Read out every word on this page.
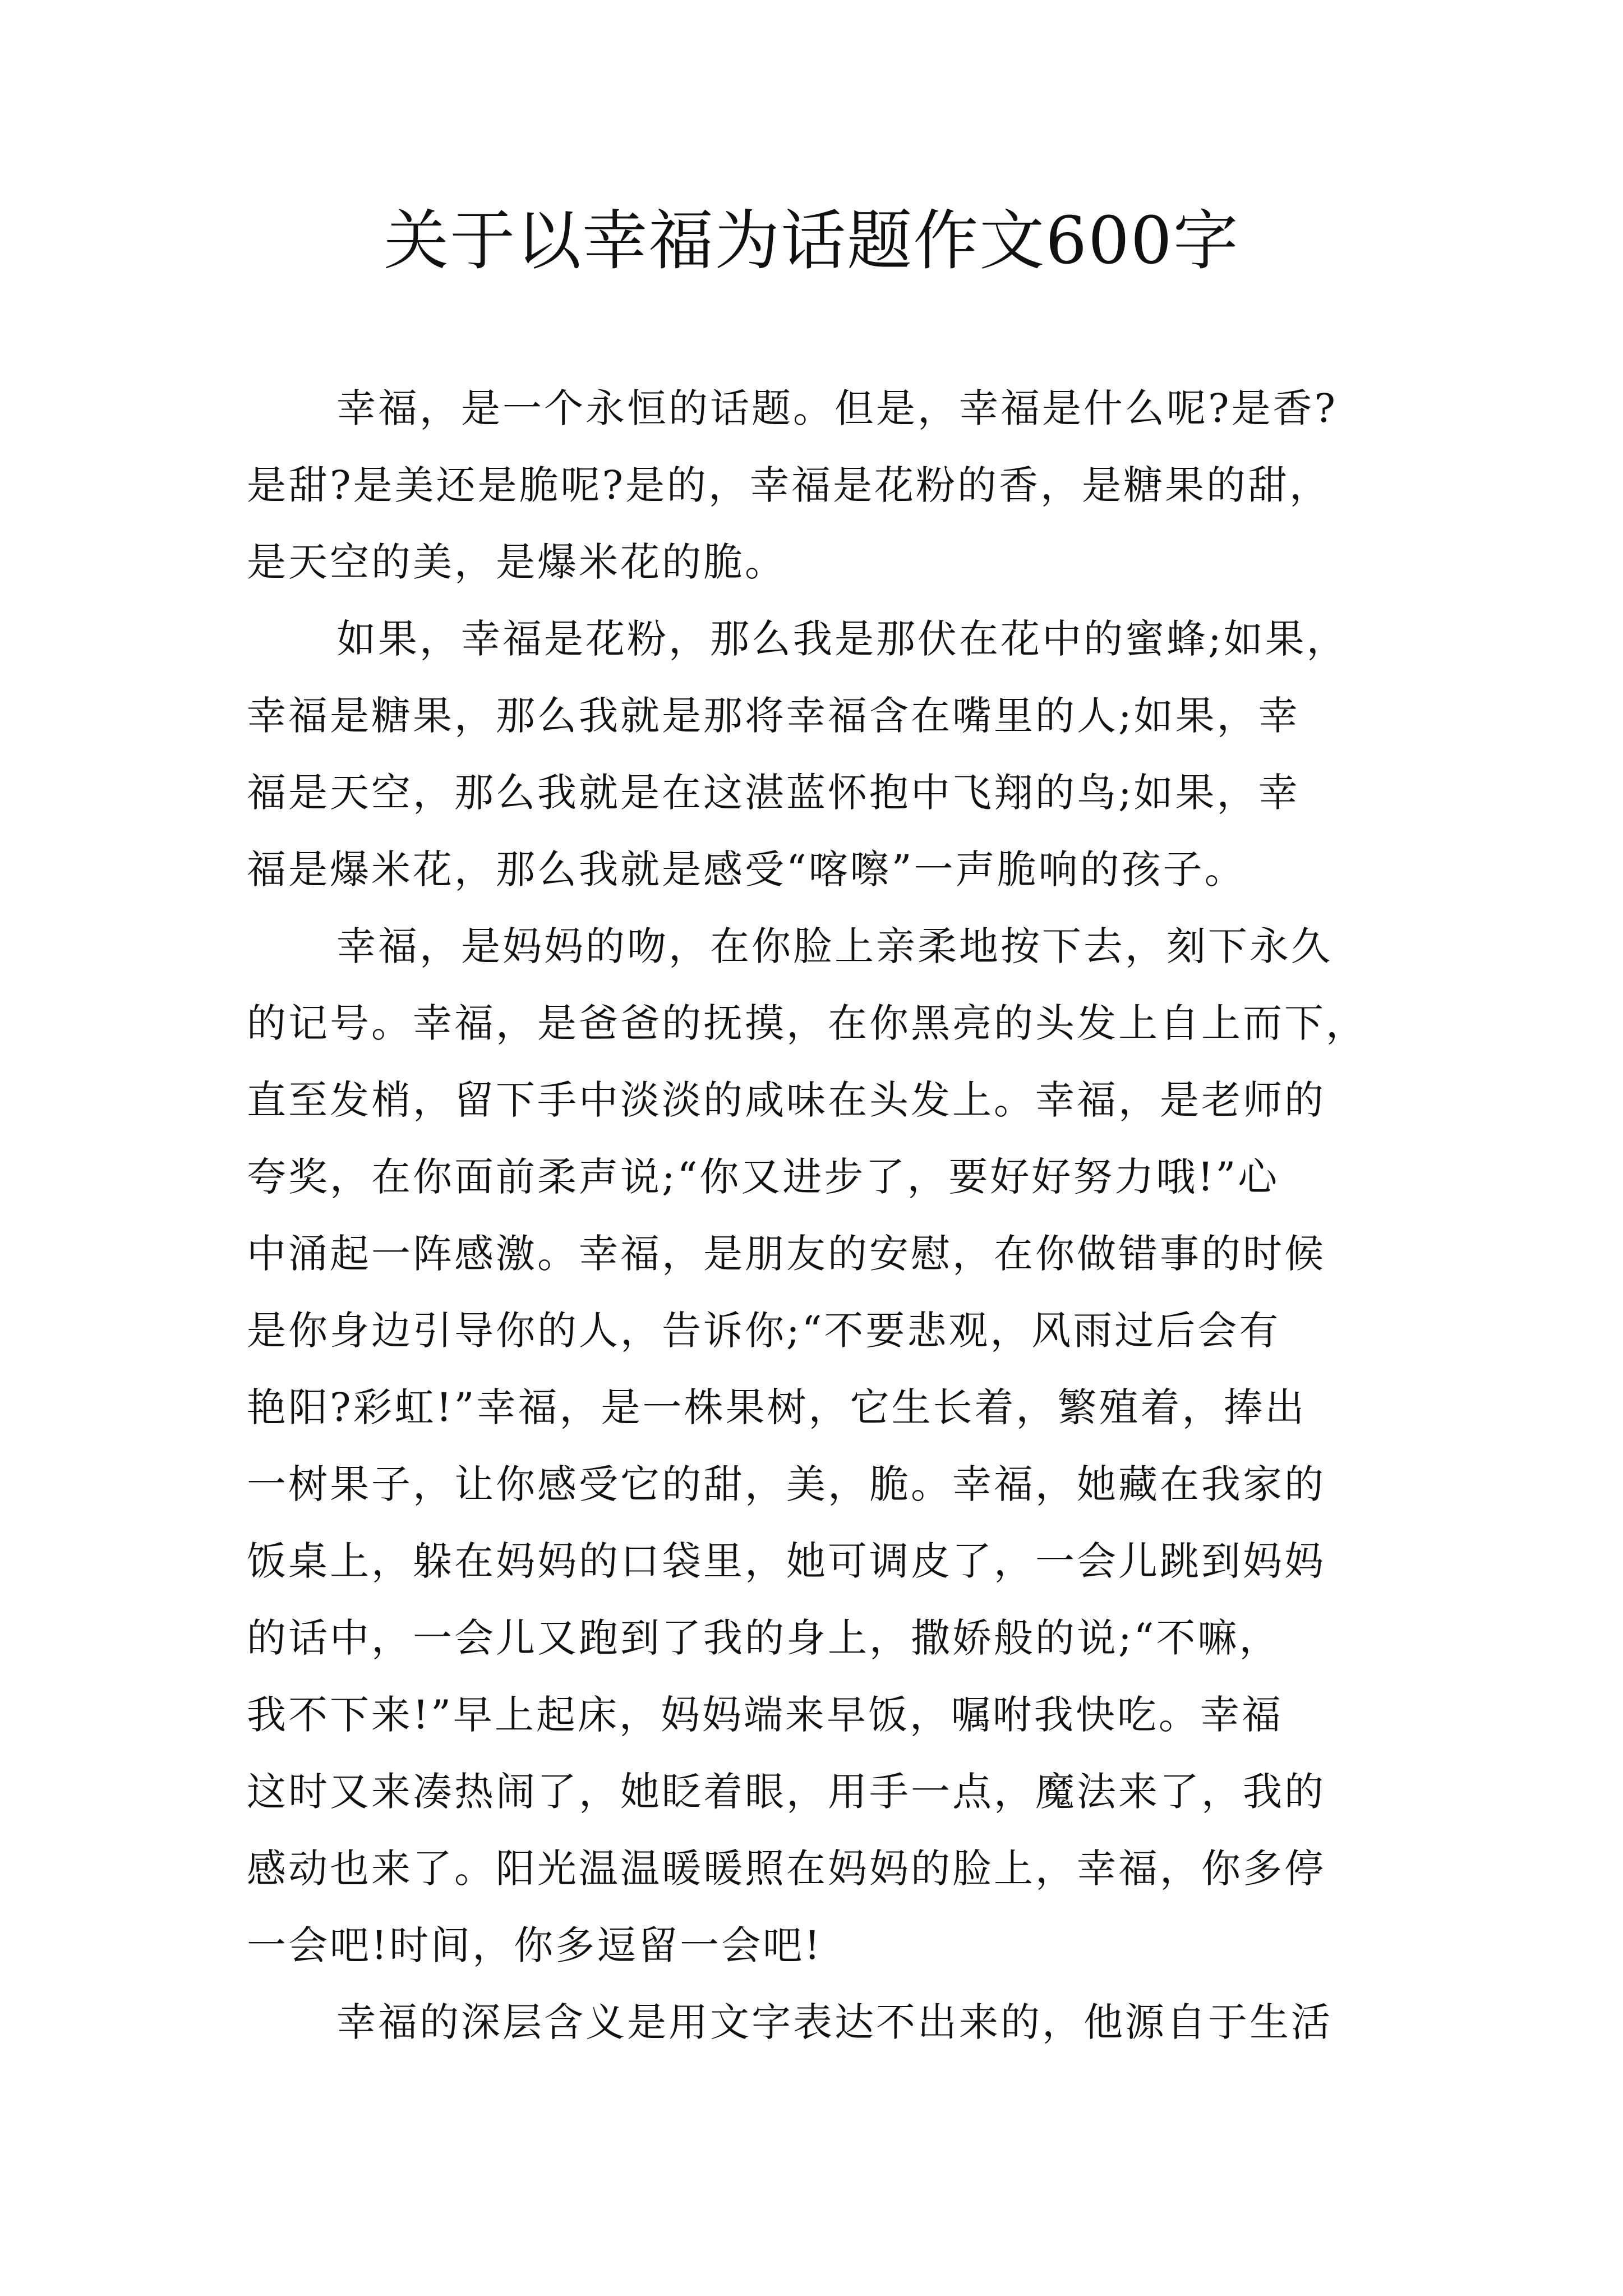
关于以幸福为话题作文600字
幸福，是一个永恒的话题。但是，幸福是什么呢?是香?
是甜?是美还是脆呢?是的，幸福是花粉的香，是糖果的甜，
是天空的美，是爆米花的脆。
如果，幸福是花粉，那么我是那伏在花中的蜜蜂;如果，
幸福是糖果，那么我就是那将幸福含在嘴里的人;如果，幸
福是天空，那么我就是在这湛蓝怀抱中飞翔的鸟;如果，幸
福是爆米花，那么我就是感受“喀嚓”一声脆响的孩子。
幸福，是妈妈的吻，在你脸上亲柔地按下去，刻下永久
的记号。幸福，是爸爸的抚摸，在你黑亮的头发上自上而下，
直至发梢，留下手中淡淡的咸味在头发上。幸福，是老师的
夸奖，在你面前柔声说;“你又进步了，要好好努力哦!”心
中涌起一阵感激。幸福，是朋友的安慰，在你做错事的时候
是你身边引导你的人，告诉你;“不要悲观，风雨过后会有
艳阳?彩虹!”幸福，是一株果树，它生长着，繁殖着，捧出
一树果子，让你感受它的甜，美，脆。幸福，她藏在我家的
饭桌上，躲在妈妈的口袋里，她可调皮了，一会儿跳到妈妈
的话中，一会儿又跑到了我的身上，撒娇般的说;“不嘛，
我不下来!”早上起床，妈妈端来早饭，嘱咐我快吃。幸福
这时又来凑热闹了，她眨着眼，用手一点，魔法来了，我的
感动也来了。阳光温温暖暖照在妈妈的脸上，幸福，你多停
一会吧!时间，你多逗留一会吧!
幸福的深层含义是用文字表达不出来的，他源自于生活
